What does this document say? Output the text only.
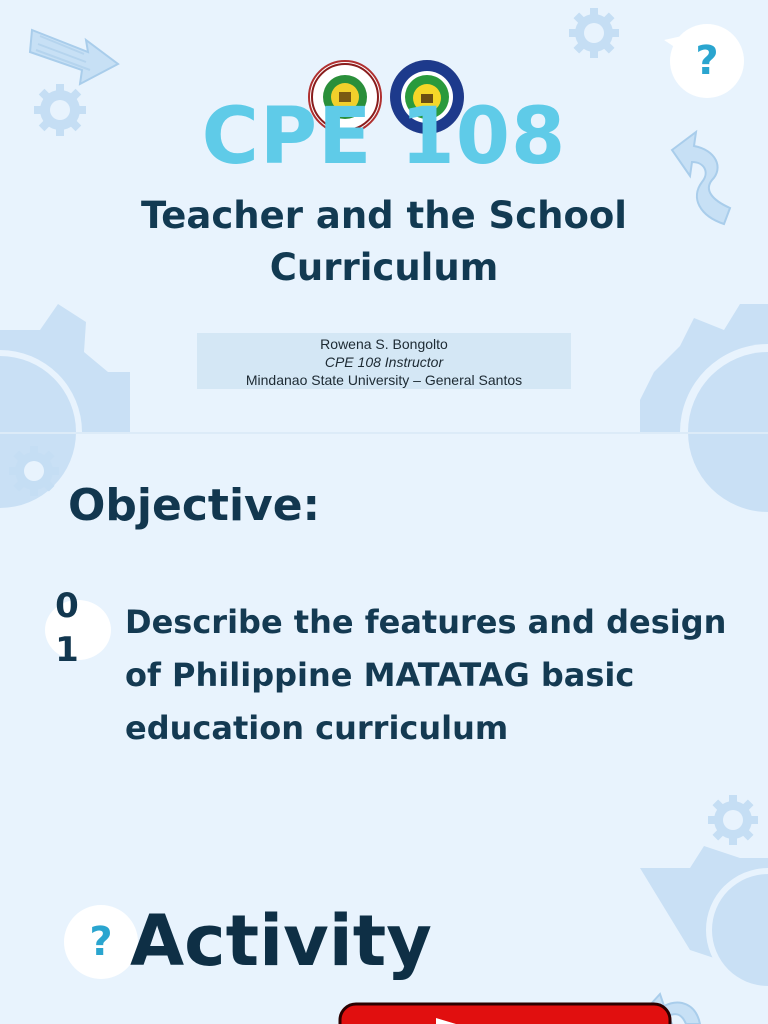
?
CPE 108
Teacher and the School
Curriculum
Rowena S. Bongolto
CPE 108 Instructor
Mindanao State University – General Santos
Objective:
0
1
Describe the features and design of Philippine MATATAG basic education curriculum
? Activity
